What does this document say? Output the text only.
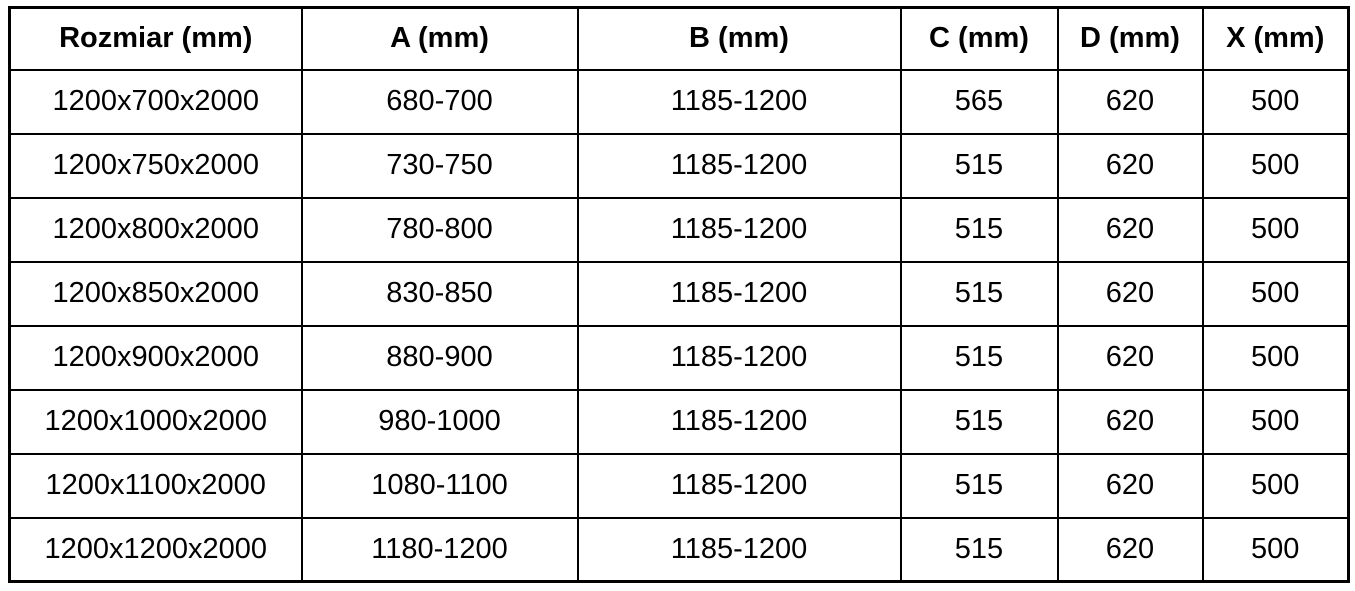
Rozmiar (mm)	A (mm)	B (mm)	C (mm)	D (mm)	X (mm)
1200x700x2000	680-700	1185-1200	565	620	500
1200x750x2000	730-750	1185-1200	515	620	500
1200x800x2000	780-800	1185-1200	515	620	500
1200x850x2000	830-850	1185-1200	515	620	500
1200x900x2000	880-900	1185-1200	515	620	500
1200x1000x2000	980-1000	1185-1200	515	620	500
1200x1100x2000	1080-1100	1185-1200	515	620	500
1200x1200x2000	1180-1200	1185-1200	515	620	500
